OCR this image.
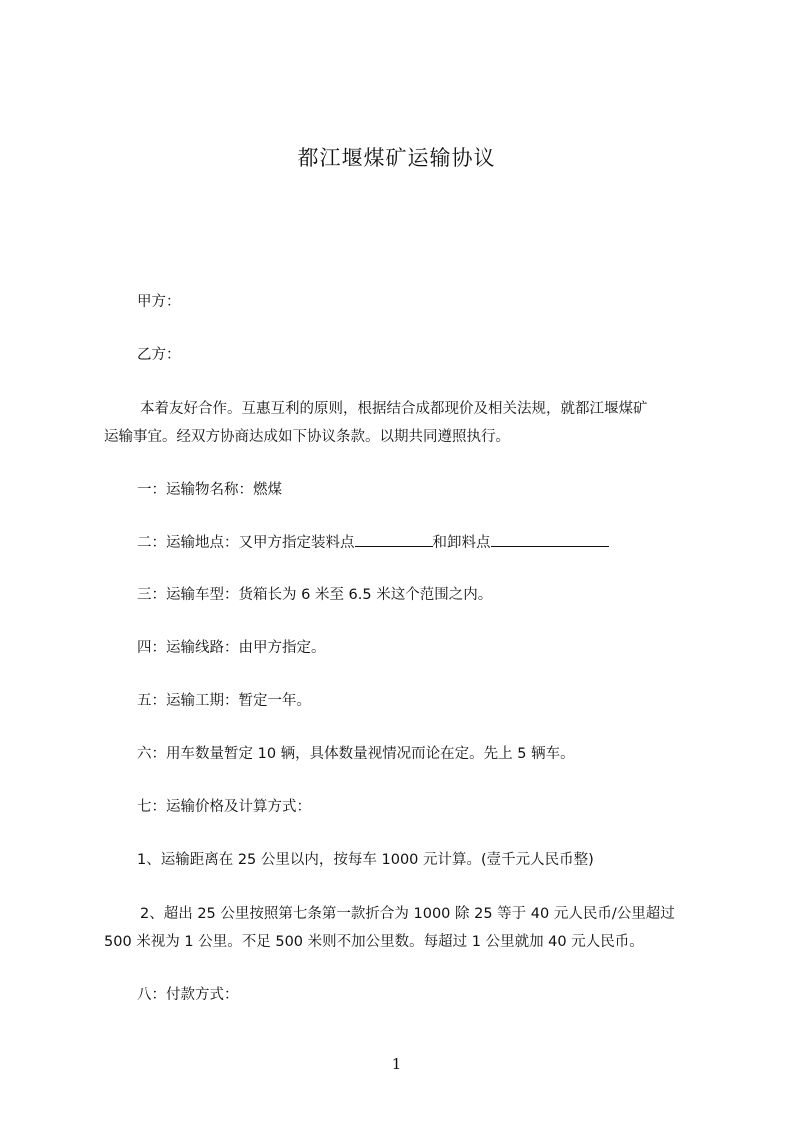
都江堰煤矿运输协议

甲方：

乙方：

本着友好合作。互惠互利的原则，根据结合成都现价及相关法规，就都江堰煤矿

运输事宜。经双方协商达成如下协议条款。以期共同遵照执行。

一：运输物名称：燃煤

二：运输地点：又甲方指定装料点	和卸料点

三：运输车型：货箱长为 6 米至 6.5 米这个范围之内。

四：运输线路：由甲方指定。

五：运输工期：暂定一年。

六：用车数量暂定 10 辆，具体数量视情况而论在定。先上 5 辆车。

七：运输价格及计算方式：

1、运输距离在 25 公里以内，按每车 1000 元计算。(壹千元人民币整)

2、超出 25 公里按照第七条第一款折合为 1000 除 25 等于 40 元人民币/公里超过

500 米视为 1 公里。不足 500 米则不加公里数。每超过 1 公里就加 40 元人民币。

八：付款方式：

1
